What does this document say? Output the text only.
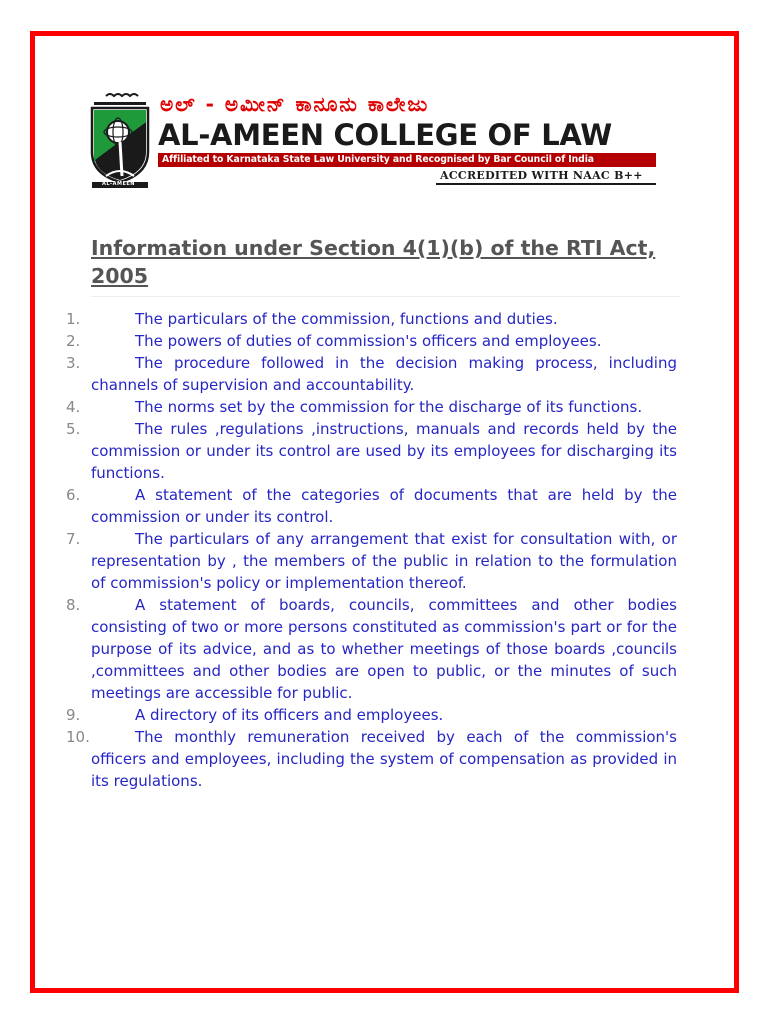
AL-AMEEN
ಅಲ್ - ಅಮೀನ್ ಕಾನೂನು ಕಾಲೇಜು
AL-AMEEN COLLEGE OF LAW
Affiliated to Karnataka State Law University and Recognised by Bar Council of India
ACCREDITED WITH NAAC B++
Information under Section 4(1)(b) of the RTI Act, 2005
1.	The particulars of the commission, functions and duties.
2.	The powers of duties of commission's officers and employees.
3.	The procedure followed in the decision making process, including channels of supervision and accountability.
4.	The norms set by the commission for the discharge of its functions.
5.	The rules ,regulations ,instructions, manuals and records held by the commission or under its control are used by its employees for discharging its functions.
6.	A statement of the categories of documents that are held by the commission or under its control.
7.	The particulars of any arrangement that exist for consultation with, or representation by , the members of the public in relation to the formulation of commission's policy or implementation thereof.
8.	A statement of boards, councils, committees and other bodies consisting of two or more persons constituted as commission's part or for the purpose of its advice, and as to whether meetings of those boards ,councils ,committees and other bodies are open to public, or the minutes of such meetings are accessible for public.
9.	A directory of its officers and employees.
10.	The monthly remuneration received by each of the commission's officers and employees, including the system of compensation as provided in its regulations.
